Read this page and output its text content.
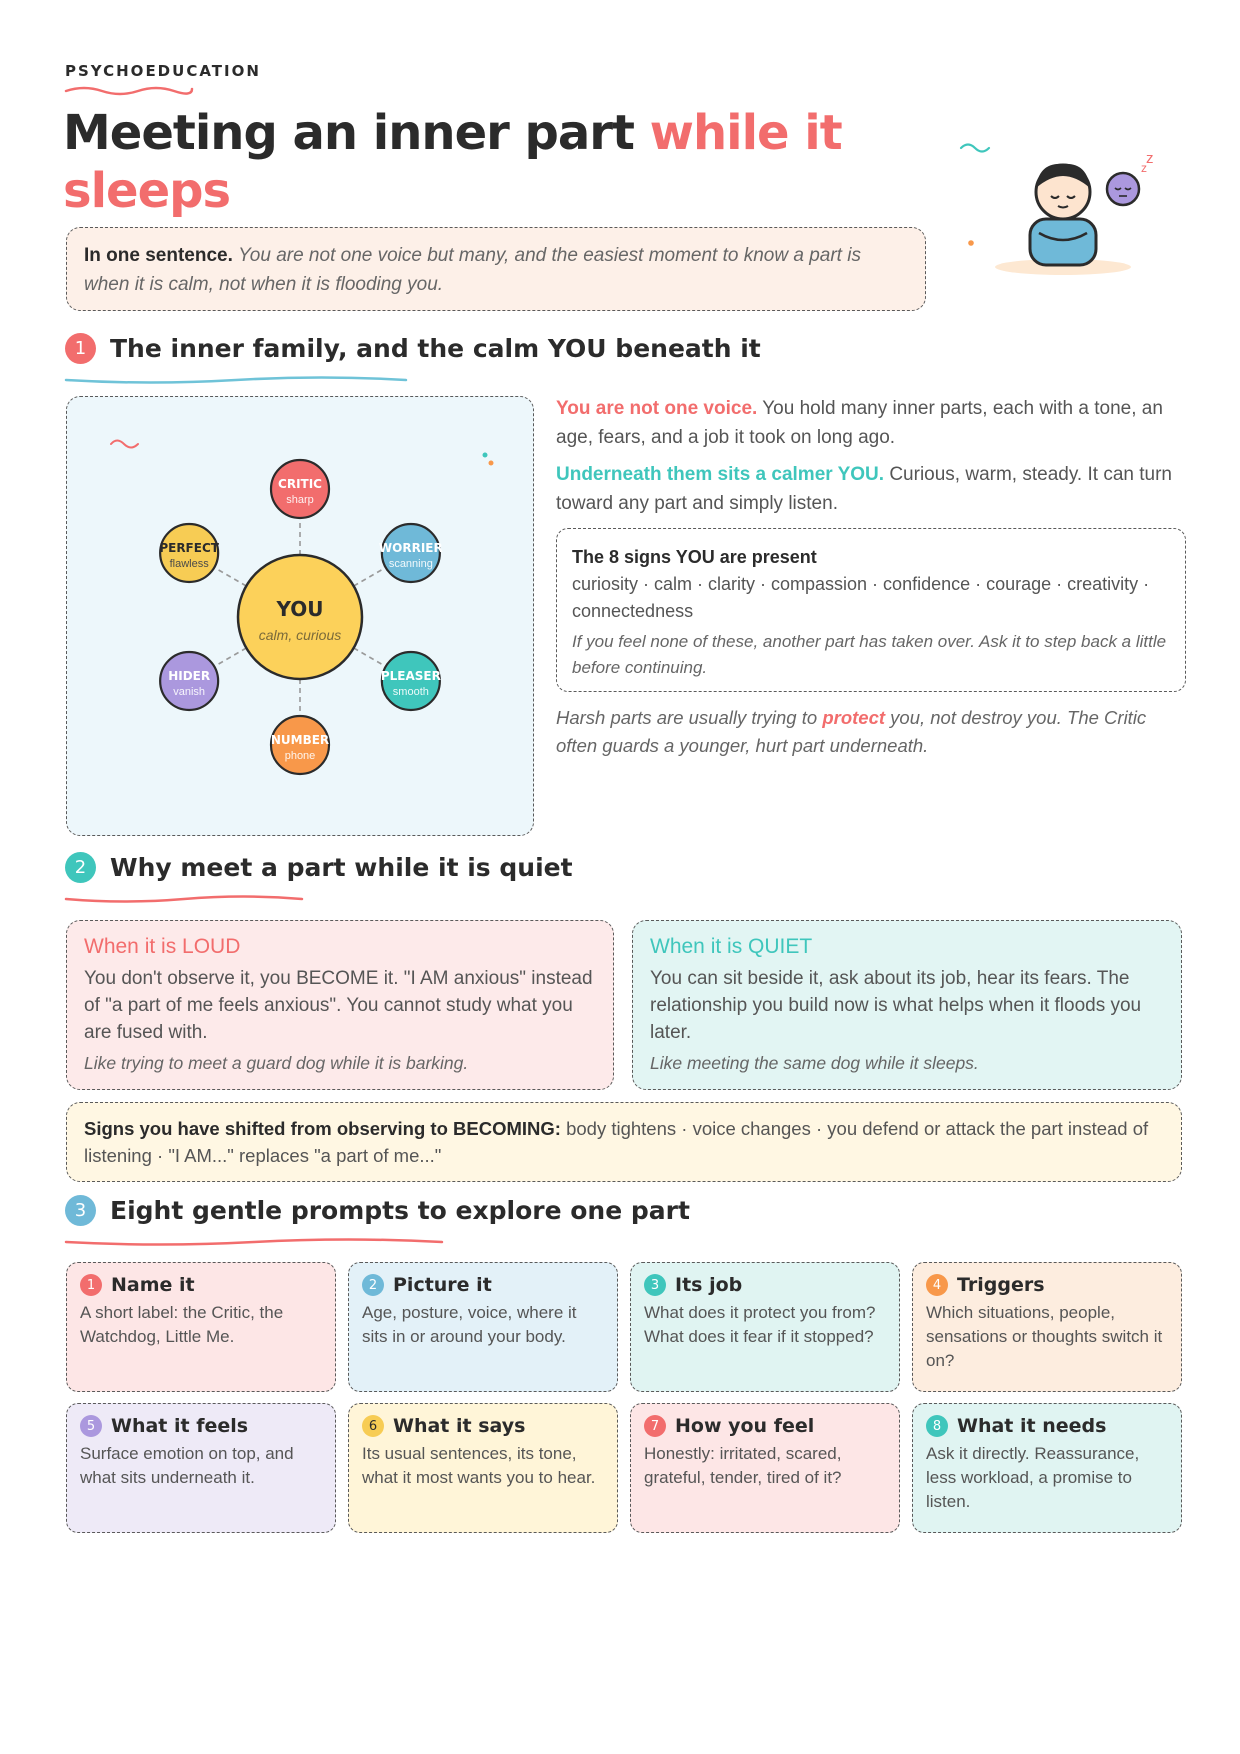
PSYCHOEDUCATION
Meeting an inner part while it sleeps	z
z
In one sentence. You are not one voice but many, and the easiest moment to know a part is when it is calm, not when it is flooding you.
1 The inner family, and the calm YOU beneath it
YOU
calm, curious
CRITIC
sharp
WORRIER
scanning
PLEASER
smooth
NUMBER
phone
HIDER
vanish
PERFECT
flawless

You are not one voice. You hold many inner parts, each with a tone, an age, fears, and a job it took on long ago.

Underneath them sits a calmer YOU. Curious, warm, steady. It can turn toward any part and simply listen.

The 8 signs YOU are present
curiosity · calm · clarity · compassion · confidence · courage · creativity · connectedness
If you feel none of these, another part has taken over. Ask it to step back a little before continuing.
Harsh parts are usually trying to protect you, not destroy you. The Critic often guards a younger, hurt part underneath.
2 Why meet a part while it is quiet
When it is LOUD
You don't observe it, you BECOME it. "I AM anxious" instead of "a part of me feels anxious". You cannot study what you are fused with.
Like trying to meet a guard dog while it is barking.
When it is QUIET
You can sit beside it, ask about its job, hear its fears. The relationship you build now is what helps when it floods you later.
Like meeting the same dog while it sleeps.
Signs you have shifted from observing to BECOMING: body tightens · voice changes · you defend or attack the part instead of listening · "I AM..." replaces "a part of me..."
3 Eight gentle prompts to explore one part
1 Name it
A short label: the Critic, the Watchdog, Little Me.
2 Picture it
Age, posture, voice, where it sits in or around your body.
3 Its job
What does it protect you from? What does it fear if it stopped?
4 Triggers
Which situations, people, sensations or thoughts switch it on?
5 What it feels
Surface emotion on top, and what sits underneath it.
6 What it says
Its usual sentences, its tone, what it most wants you to hear.
7 How you feel
Honestly: irritated, scared, grateful, tender, tired of it?
8 What it needs
Ask it directly. Reassurance, less workload, a promise to listen.
